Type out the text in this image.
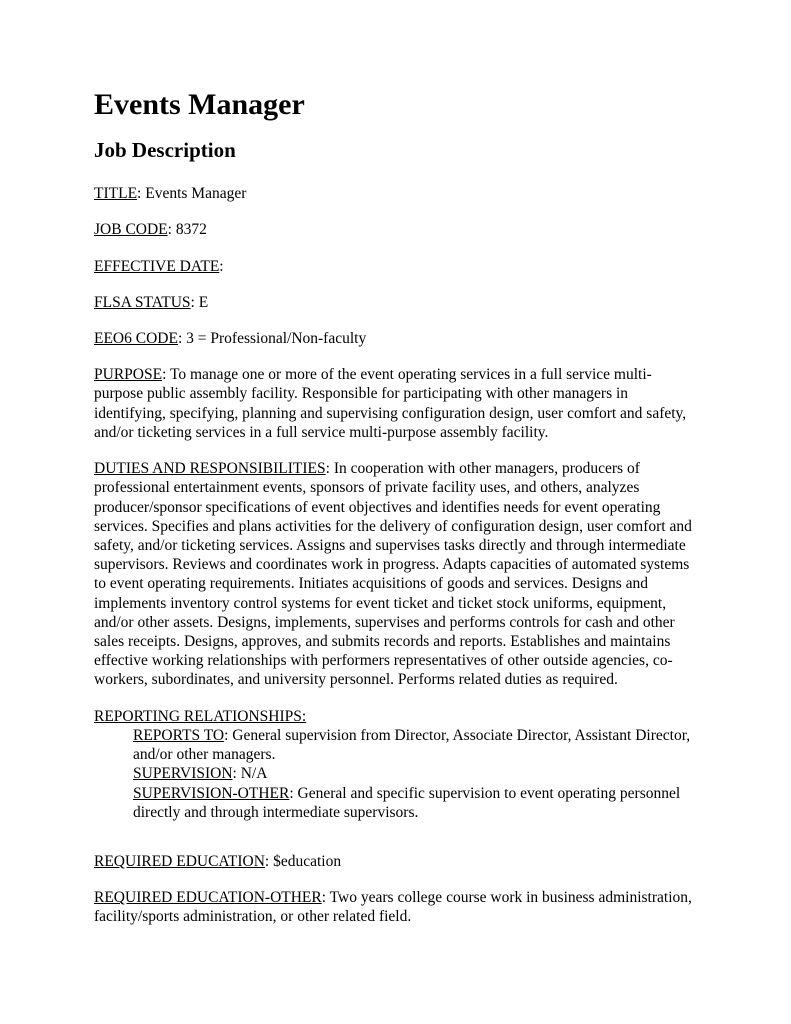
Events Manager
Job Description

TITLE: Events Manager

JOB CODE: 8372

EFFECTIVE DATE:

FLSA STATUS: E

EEO6 CODE: 3 = Professional/Non-faculty

PURPOSE: To manage one or more of the event operating services in a full service multi-purpose public assembly facility. Responsible for participating with other managers in identifying, specifying, planning and supervising configuration design, user comfort and safety, and/or ticketing services in a full service multi-purpose assembly facility.

DUTIES AND RESPONSIBILITIES: In cooperation with other managers, producers of professional entertainment events, sponsors of private facility uses, and others, analyzes producer/sponsor specifications of event objectives and identifies needs for event operating services. Specifies and plans activities for the delivery of configuration design, user comfort and safety, and/or ticketing services. Assigns and supervises tasks directly and through intermediate supervisors. Reviews and coordinates work in progress. Adapts capacities of automated systems to event operating requirements. Initiates acquisitions of goods and services. Designs and implements inventory control systems for event ticket and ticket stock uniforms, equipment, and/or other assets. Designs, implements, supervises and performs controls for cash and other sales receipts. Designs, approves, and submits records and reports. Establishes and maintains effective working relationships with performers representatives of other outside agencies, co-workers, subordinates, and university personnel. Performs related duties as required.

REPORTING RELATIONSHIPS:

REPORTS TO: General supervision from Director, Associate Director, Assistant Director, and/or other managers.

SUPERVISION: N/A

SUPERVISION-OTHER: General and specific supervision to event operating personnel directly and through intermediate supervisors.

REQUIRED EDUCATION: $education

REQUIRED EDUCATION-OTHER: Two years college course work in business administration, facility/sports administration, or other related field.
